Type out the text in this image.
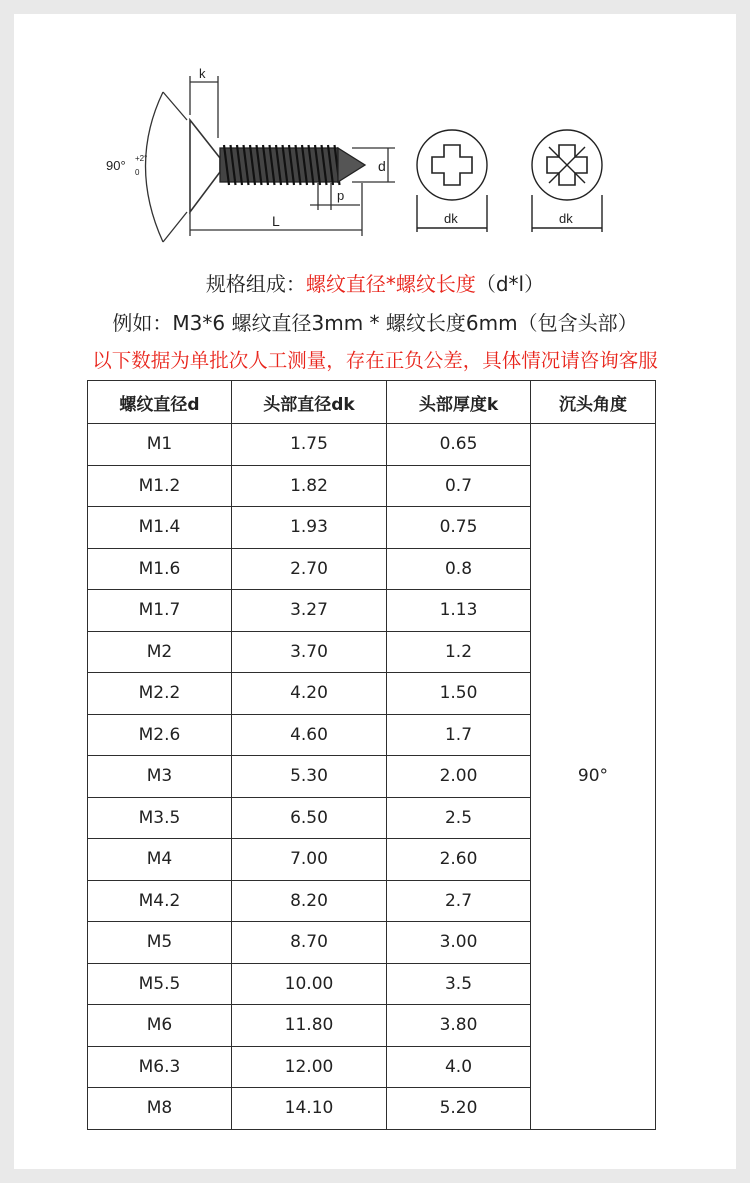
90° +2°
0
k
d
p
L	dk	dk
规格组成：螺纹直径*螺纹长度（d*l）
例如：M3*6 螺纹直径3mm * 螺纹长度6mm（包含头部）
以下数据为单批次人工测量，存在正负公差，具体情况请咨询客服
螺纹直径d	头部直径dk	头部厚度k	沉头角度
M1	1.75	0.65	90°
M1.2	1.82	0.7	
M1.4	1.93	0.75	
M1.6	2.70	0.8	
M1.7	3.27	1.13	
M2	3.70	1.2	
M2.2	4.20	1.50	
M2.6	4.60	1.7	
M3	5.30	2.00	
M3.5	6.50	2.5	
M4	7.00	2.60	
M4.2	8.20	2.7	
M5	8.70	3.00	
M5.5	10.00	3.5	
M6	11.80	3.80	
M6.3	12.00	4.0	
M8	14.10	5.20	
